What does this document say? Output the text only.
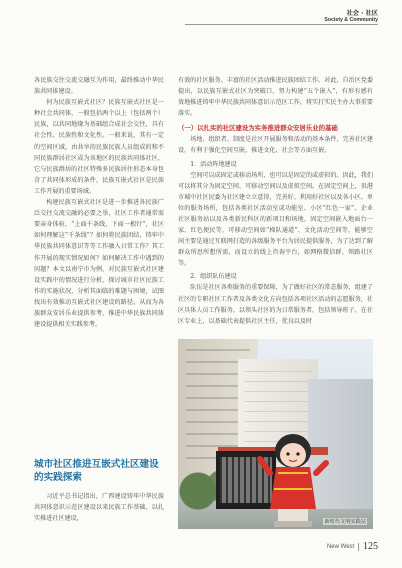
社会 · 社区
Society & Community

各民族交往交流交融互为作用，最终推动中华民族共同体建设。

何为民族互嵌式社区？民族互嵌式社区是一种社会共同体，一般包括两个以上（包括两个）民族，以共同地缘为基础组合成社会交往，具有社会性、民族性和文化性。一般来说，其有一定的空间区域，由共享的民族民族人员组成的和不同民族群居社区成为该地区的民族共同体社区，它与民族群居的社区特殊多民族居住形态本身包含了共同体形成的条件，民族互嵌式社区是民族工作开展的重要场域。

构建民族互嵌式社区是进一步推进各民族广泛交往交流交融的必要之举，社区工作者通常需要亲身体验、“上面千条线，下面一根针”，社区如何理解这“千条线”？如何将民族团结、铸牢中华民族共同体意识等等工作融入日常工作？其工作开展的现实情况如何？如何解决工作中遇到的问题？本文以南宁市为例，对民族互嵌式社区建设实践中的情况进行分析，探讨城市社区民族工作的实施状况，分析其面临的难题与困境，试图找出有效推动互嵌式社区建设的路径，从而为各族群众安居乐业提供参考，推进中华民族共同体建设提供相关实践参考。

城市社区推进互嵌式社区建设的实践探索

习近平总书记指出，广西建设铸牢中华民族共同体意识示范区建设以来民族工作基础、以扎实推进社区建设，

有效的社区服务、丰富的社区活动推进民族团结工作。对此，自治区党委提出，以民族互嵌式社区为突破口，努力构建“五个嵌入”，有形有感有效地推进铸牢中华民族共同体意识示范区工作，将实打实民主办大事重要落实。

（一）以扎实的社区建设为实务推进群众安居乐业的基础

场地、组织者、制度是社区开展服务和活动的基本条件，完善社区建设，有利于强化空间互嵌，推进文化、社会等方面互嵌。

1．活动阵地建设

空间可以成固定或移动场所，也可以是固定的或虚拟的。因此，我们可以将其分为固定空间、可移动空间以及虚拟空间。在固定空间上，贵港市城中社区民委为社区建立立意得，完善好、利用好社区以及各小区、单位的服务场所，包括各类社区活动室或功能室、小区“红色一家”、企业社区服务站以及各类新民科区的新项目和场地，固定空间嵌入地面台一家、红色便民等，可移动空间如“梯队通道”、文化活动空间等，能够空间主要是通过互联网打造的各级服务平台为居民提供服务，为了达到了解群众所思所想所需，而设立的线上咨询平台，如网格微信群、领路社区等。

2．组织队伍建设

队伍是社区各类服务的重要保障，为了做好社区的常态服务，组建了社区的专职社区工作者及各类文化方向包括各项社区活动的志愿服务，社区具体人员工作服务，以领头社区的为日常服务者，包括领导班子，在社区专业上，以基础代表提供社区主任，优良以及时

新时代文明实践站
New West 125
